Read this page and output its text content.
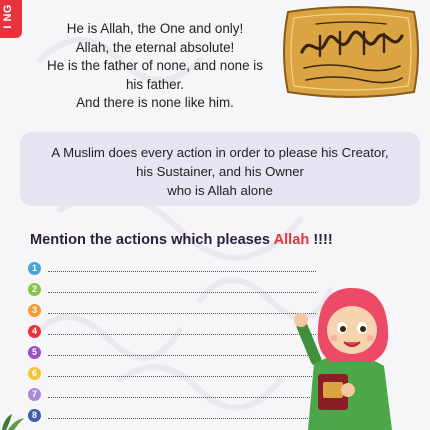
I NG	He is Allah, the One and only!
Allah, the eternal absolute!
He is the father of none, and none is
his father.
And there is none like him.
A Muslim does every action in order to please his Creator,
his Sustainer, and his Owner
who is Allah alone
Mention the actions which pleases Allah !!!!
1
2
3
4
5
6
7
8
